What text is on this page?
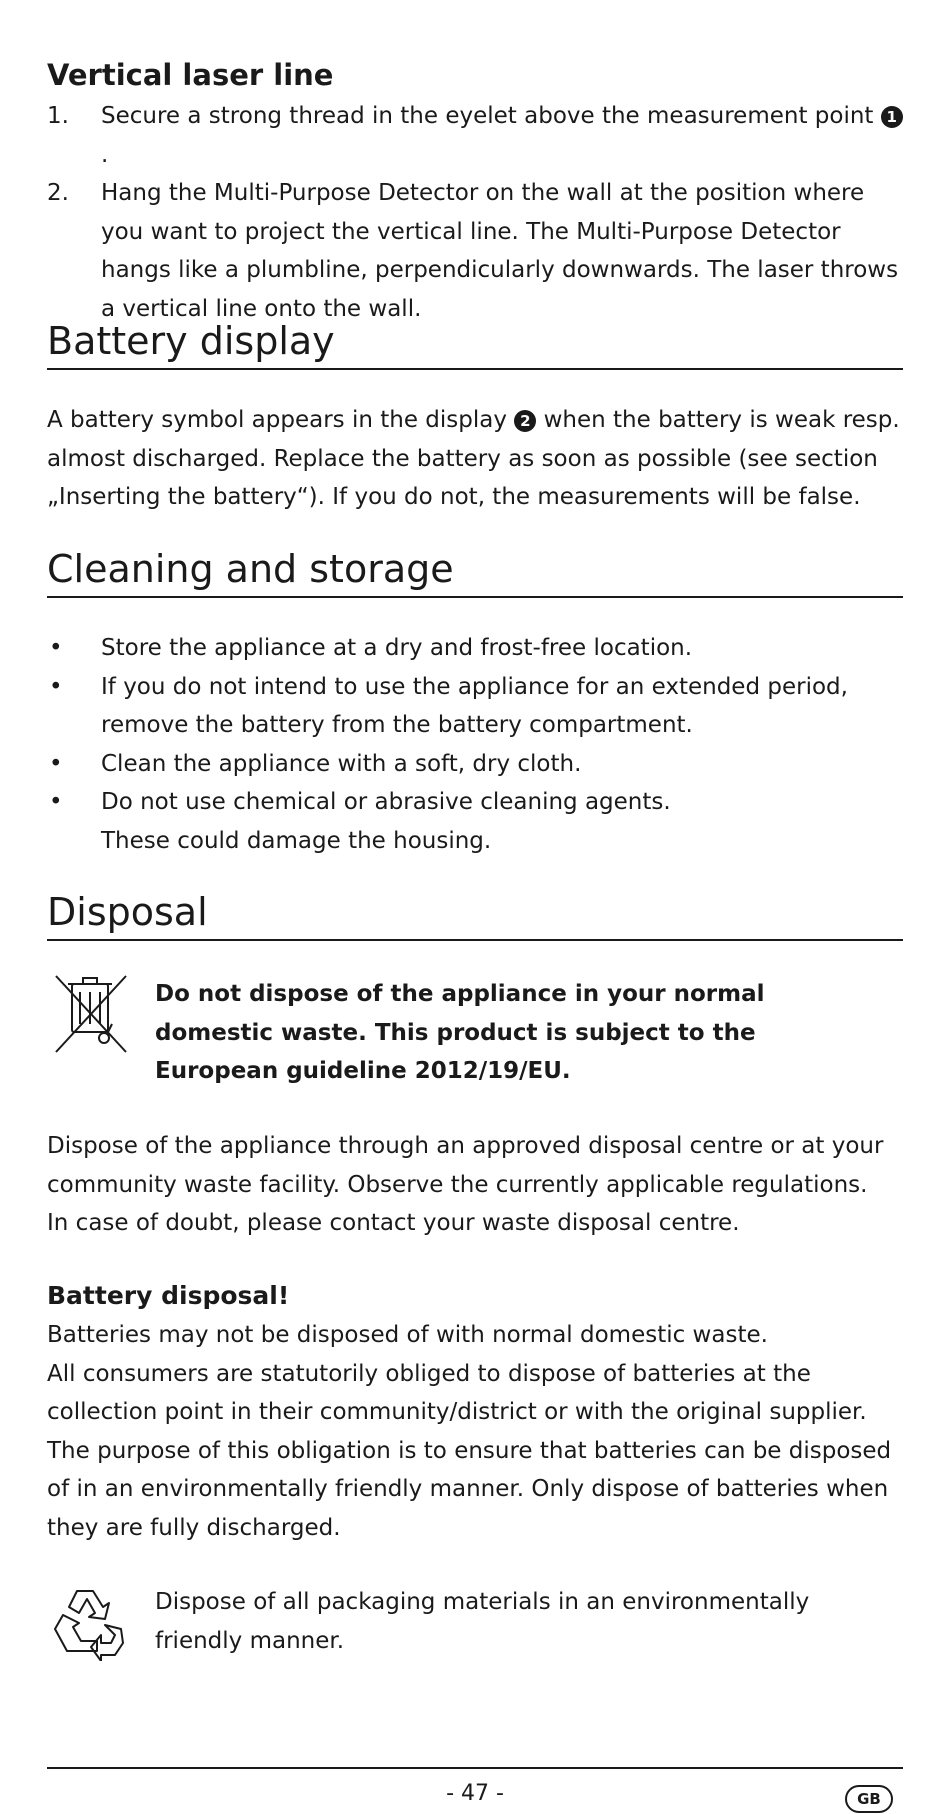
Vertical laser line
1. Secure a strong thread in the eyelet above the measurement point 1.
2. Hang the Multi-Purpose Detector on the wall at the position where you want to project the vertical line. The Multi-Purpose Detector hangs like a plumbline, perpendicularly downwards. The laser throws a vertical line onto the wall.
Battery display
A battery symbol appears in the display 2 when the battery is weak resp. almost discharged. Replace the battery as soon as possible (see section „Inserting the battery“). If you do not, the measurements will be false.
Cleaning and storage
• Store the appliance at a dry and frost-free location.
• If you do not intend to use the appliance for an extended period, remove the battery from the battery compartment.
• Clean the appliance with a soft, dry cloth.
• Do not use chemical or abrasive cleaning agents.
These could damage the housing.
Disposal
Do not dispose of the appliance in your normal domestic waste. This product is subject to the European guideline 2012/19/EU.
Dispose of the appliance through an approved disposal centre or at your community waste facility. Observe the currently applicable regulations.
In case of doubt, please contact your waste disposal centre.
Battery disposal!
Batteries may not be disposed of with normal domestic waste.
All consumers are statutorily obliged to dispose of batteries at the collection point in their community/district or with the original supplier.
The purpose of this obligation is to ensure that batteries can be disposed of in an environmentally friendly manner. Only dispose of batteries when they are fully discharged.
Dispose of all packaging materials in an environmentally friendly manner.
- 47 -	GB
